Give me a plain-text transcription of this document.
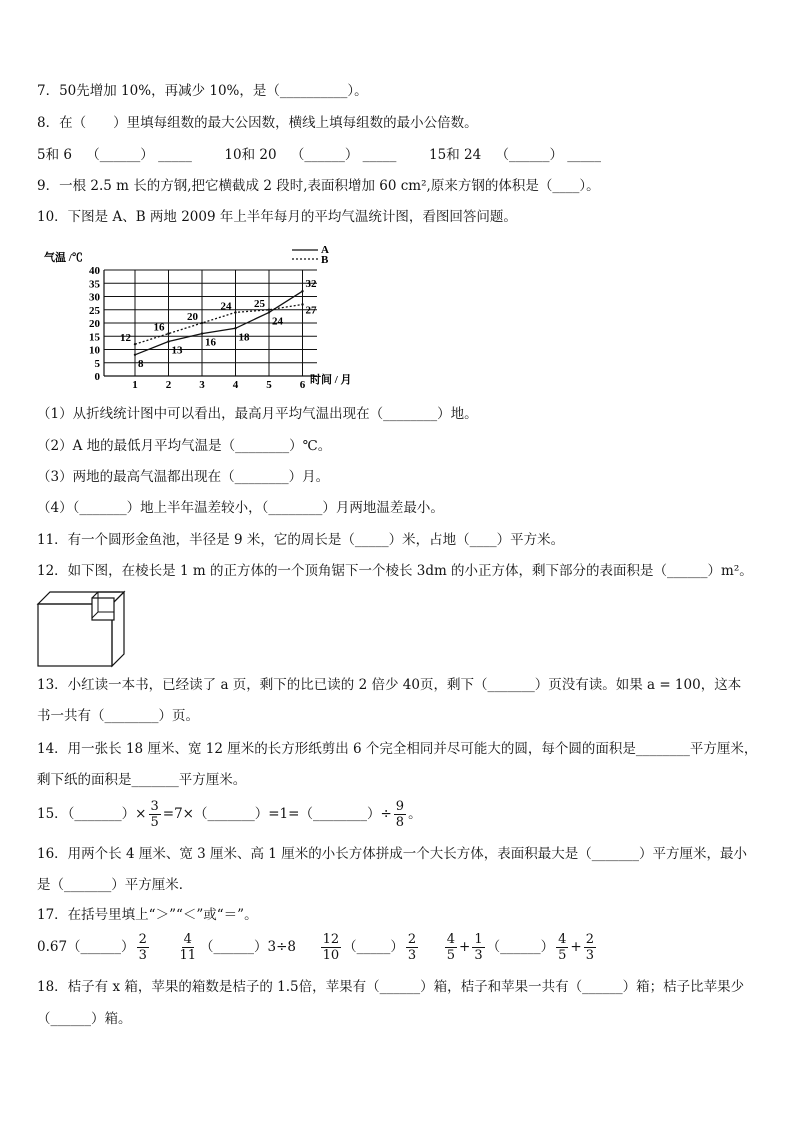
7．50先增加 10%，再减少 10%，是（__________）。
8．在（　　）里填每组数的最大公因数，横线上填每组数的最小公倍数。
5和 6 （______） _____ 10和 20 （______） _____ 15和 24 （______） _____
9．一根 2.5 m 长的方钢,把它横截成 2 段时,表面积增加 60 cm²,原来方钢的体积是（____）。
10．下图是 A、B 两地 2009 年上半年每月的平均气温统计图，看图回答问题。
0
5
10
15
20
25
30
35
40
1	2	3	4	5	6
8
13
16 18
24
32
12
16
20
24 25
27
气温 /℃
时间 / 月
A
B
（1）从折线统计图中可以看出，最高月平均气温出现在（________）地。
（2）A 地的最低月平均气温是（________）℃。
（3）两地的最高气温都出现在（________）月。
（4）（_______）地上半年温差较小，（________）月两地温差最小。
11．有一个圆形金鱼池，半径是 9 米，它的周长是（_____）米，占地（____）平方米。
12．如下图，在棱长是 1 m 的正方体的一个顶角锯下一个棱长 3dm 的小正方体，剩下部分的表面积是（______）m²。
13．小红读一本书，已经读了 a 页，剩下的比已读的 2 倍少 40页，剩下（_______）页没有读。如果 a = 100，这本
书一共有（________）页。
14．用一张长 18 厘米、宽 12 厘米的长方形纸剪出 6 个完全相同并尽可能大的圆，每个圆的面积是________平方厘米，
剩下纸的面积是_______平方厘米。
15．（_______）× $\frac{3}{5}$ =7×（_______）=1=（________）÷ $\frac{9}{8}$ 。
16．用两个长 4 厘米、宽 3 厘米、高 1 厘米的小长方体拼成一个大长方体，表面积最大是（_______）平方厘米，最小
是（_______）平方厘米．
17．在括号里填上“＞”“＜”或“＝”。
0.67（______） $\frac{2}{3}$
$\frac{4}{11}$ （______）3÷8 $\frac{12}{10}$ （_____） $\frac{2}{3}$
$\frac{4}{5} + \frac{1}{3}$ （______） $\frac{4}{5} + \frac{2}{3}$
18．桔子有 x 箱，苹果的箱数是桔子的 1.5倍，苹果有（______）箱，桔子和苹果一共有（______）箱；桔子比苹果少
（______）箱。
